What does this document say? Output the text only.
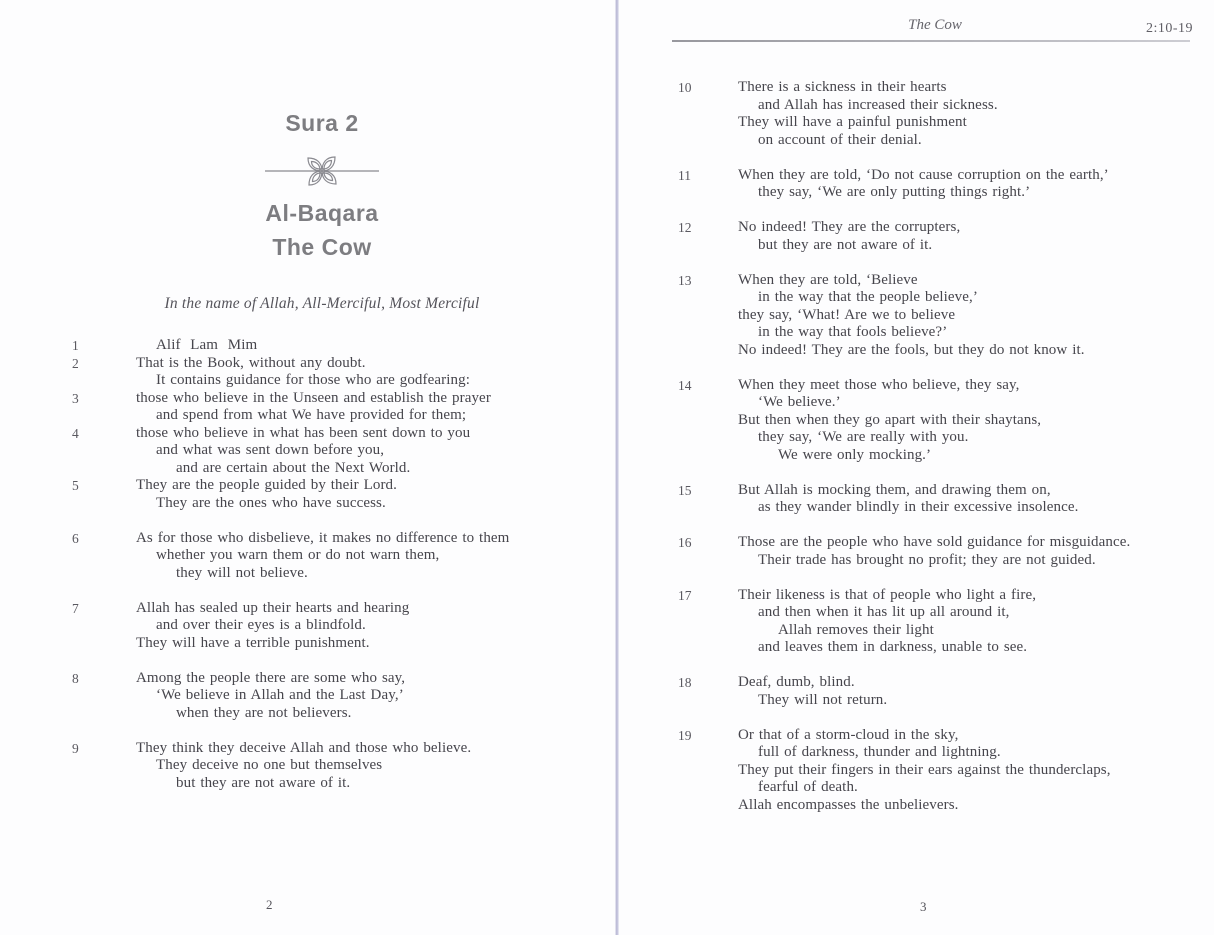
Sura 2
Al-Baqara
The Cow
In the name of Allah, All-Merciful, Most Merciful
1	Alif  Lam  Mim
2	That is the Book, without any doubt.
It contains guidance for those who are godfearing:
3	those who believe in the Unseen and establish the prayer
and spend from what We have provided for them;
4	those who believe in what has been sent down to you
and what was sent down before you,
and are certain about the Next World.
5	They are the people guided by their Lord.
They are the ones who have success.
6	As for those who disbelieve, it makes no difference to them
whether you warn them or do not warn them,
they will not believe.
7	Allah has sealed up their hearts and hearing
and over their eyes is a blindfold.
They will have a terrible punishment.
8	Among the people there are some who say,
‘We believe in Allah and the Last Day,’
when they are not believers.
9	They think they deceive Allah and those who believe.
They deceive no one but themselves
but they are not aware of it.
2
The Cow	2:10-19
10	There is a sickness in their hearts
and Allah has increased their sickness.
They will have a painful punishment
on account of their denial.
11	When they are told, ‘Do not cause corruption on the earth,’
they say, ‘We are only putting things right.’
12	No indeed! They are the corrupters,
but they are not aware of it.
13	When they are told, ‘Believe
in the way that the people believe,’
they say, ‘What! Are we to believe
in the way that fools believe?’
No indeed! They are the fools, but they do not know it.
14	When they meet those who believe, they say,
‘We believe.’
But then when they go apart with their shaytans,
they say, ‘We are really with you.
We were only mocking.’
15	But Allah is mocking them, and drawing them on,
as they wander blindly in their excessive insolence.
16	Those are the people who have sold guidance for misguidance.
Their trade has brought no profit; they are not guided.
17	Their likeness is that of people who light a fire,
and then when it has lit up all around it,
Allah removes their light
and leaves them in darkness, unable to see.
18	Deaf, dumb, blind.
They will not return.
19	Or that of a storm-cloud in the sky,
full of darkness, thunder and lightning.
They put their fingers in their ears against the thunderclaps,
fearful of death.
Allah encompasses the unbelievers.
3
